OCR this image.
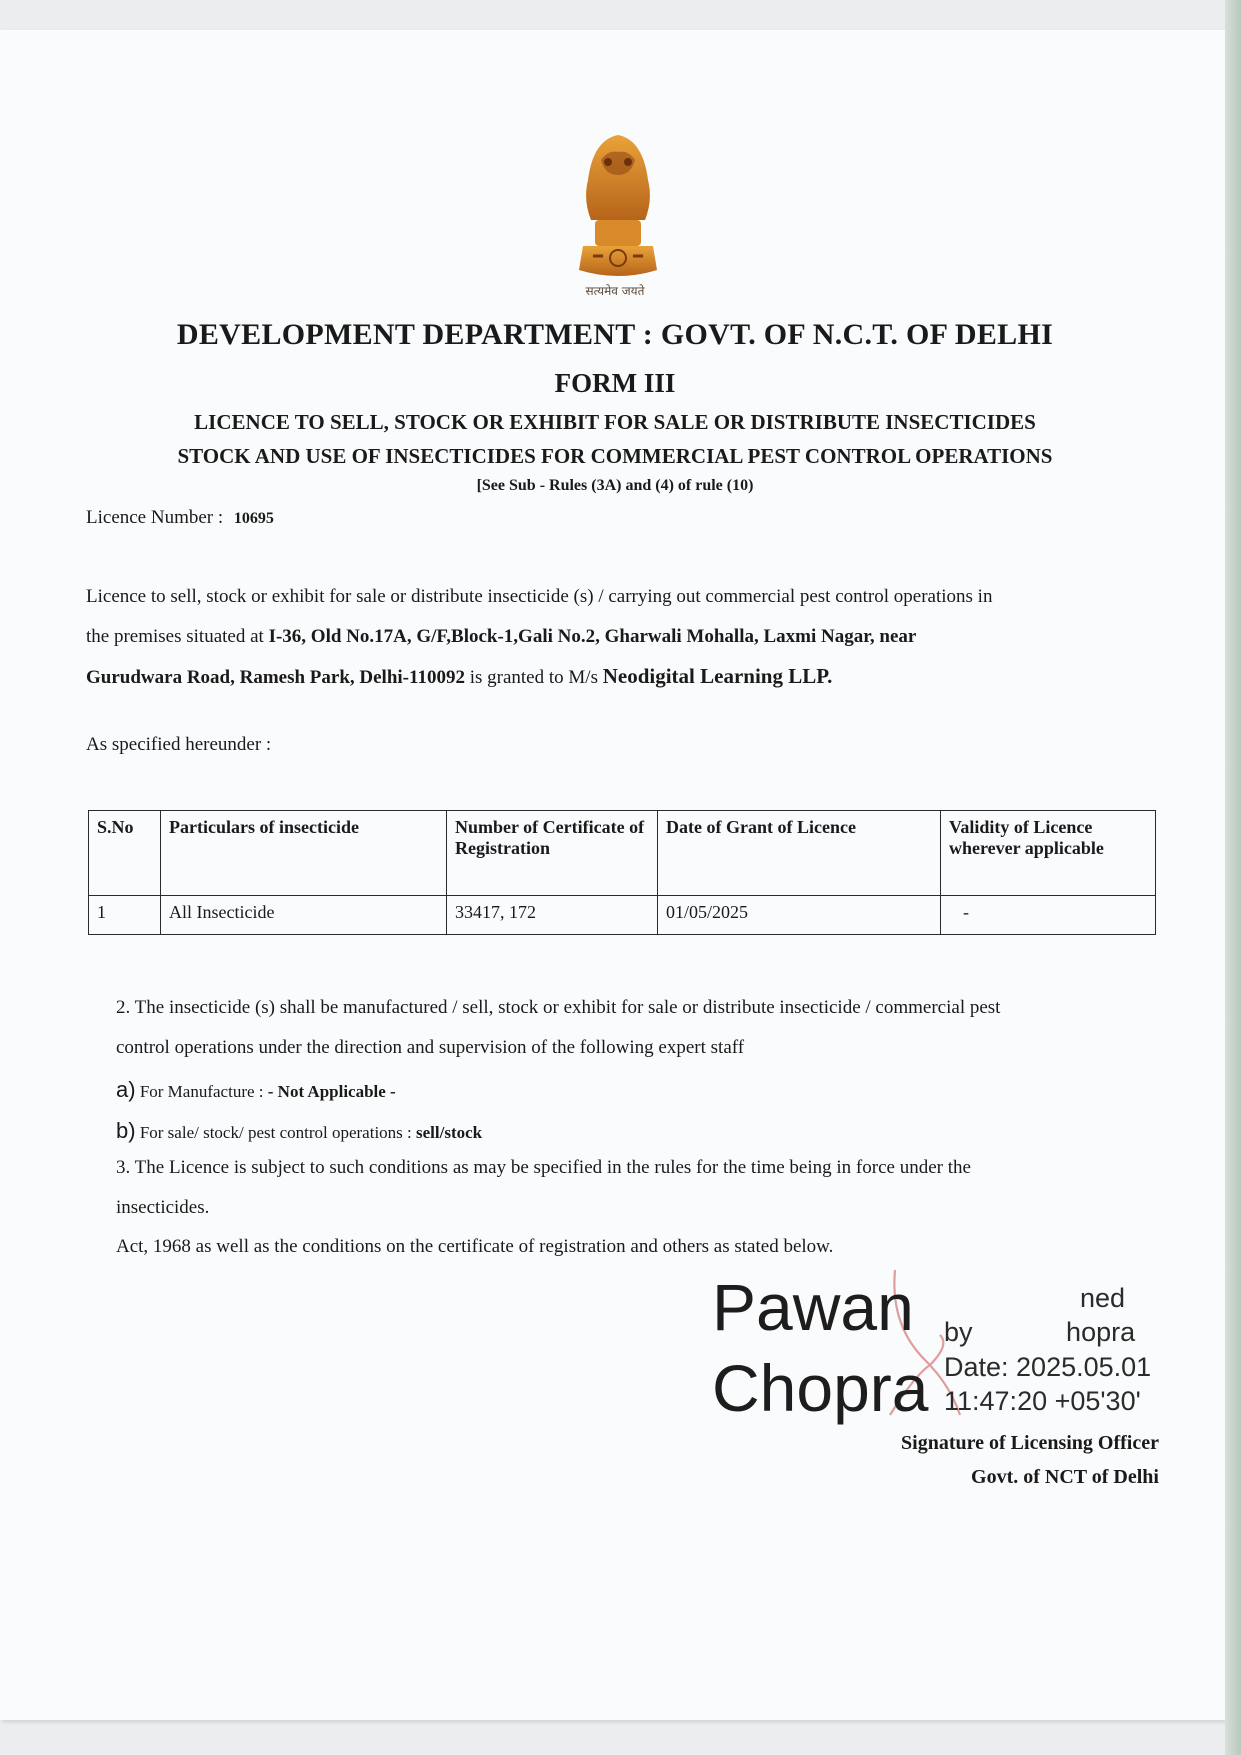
सत्यमेव जयते
DEVELOPMENT DEPARTMENT : GOVT. OF N.C.T. OF DELHI
FORM III
LICENCE TO SELL, STOCK OR EXHIBIT FOR SALE OR DISTRIBUTE INSECTICIDES
STOCK AND USE OF INSECTICIDES FOR COMMERCIAL PEST CONTROL OPERATIONS
[See Sub - Rules (3A) and (4) of rule (10)
Licence Number : 10695
Licence to sell, stock or exhibit for sale or distribute insecticide (s) / carrying out commercial pest control operations in
the premises situated at I-36, Old No.17A, G/F,Block-1,Gali No.2, Gharwali Mohalla, Laxmi Nagar, near
Gurudwara Road, Ramesh Park, Delhi-110092 is granted to M/s Neodigital Learning LLP.
As specified hereunder :
S.No	Particulars of insecticide	Number of Certificate of Registration	Date of Grant of Licence	Validity of Licence wherever applicable
1	All Insecticide	33417, 172	01/05/2025	-
2. The insecticide (s) shall be manufactured / sell, stock or exhibit for sale or distribute insecticide / commercial pest
control operations under the direction and supervision of the following expert staff
a) For Manufacture : - Not Applicable -
b) For sale/ stock/ pest control operations : sell/stock
3. The Licence is subject to such conditions as may be specified in the rules for the time being in force under the
insecticides.
Act, 1968 as well as the conditions on the certificate of registration and others as stated below.
Pawan
Chopra
ned
by	hopra
Date: 2025.05.01
11:47:20 +05'30'
Signature of Licensing Officer
Govt. of NCT of Delhi
